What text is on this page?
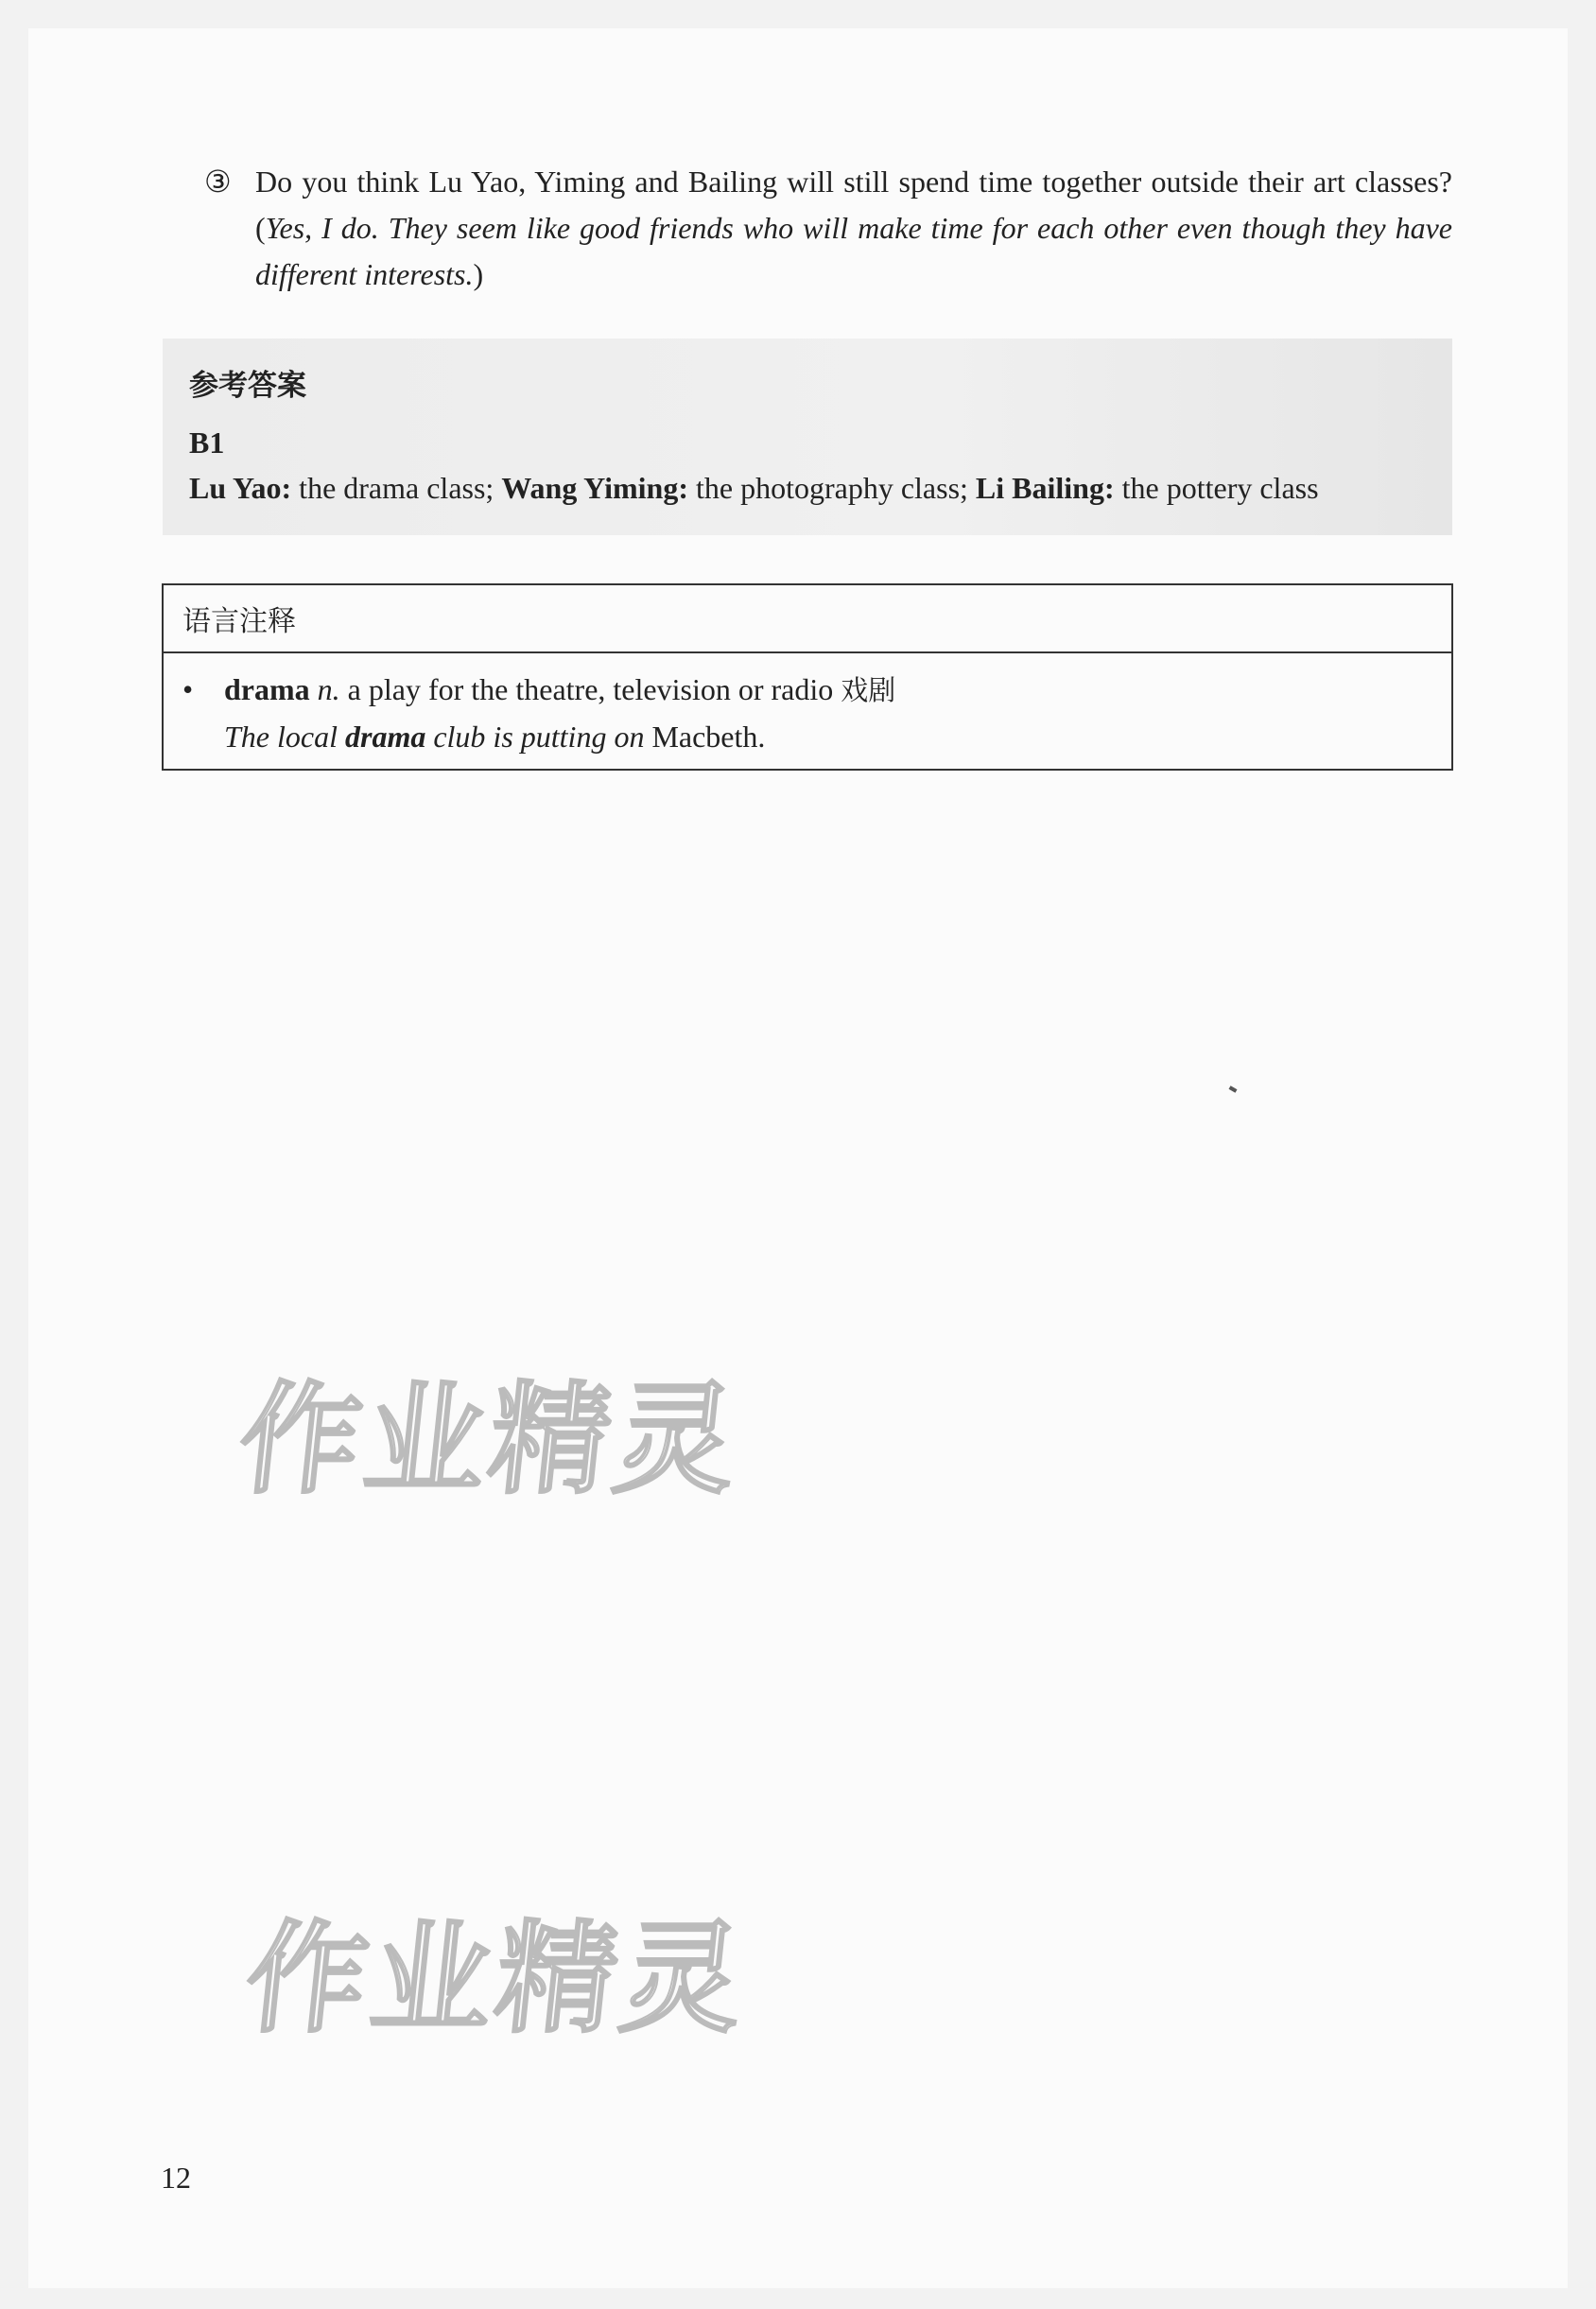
③ Do you think Lu Yao, Yiming and Bailing will still spend time together outside their art classes? (Yes, I do. They seem like good friends who will make time for each other even though they have different interests.)
参考答案
B1
Lu Yao: the drama class; Wang Yiming: the photography class; Li Bailing: the pottery class
语言注释
• drama n. a play for the theatre, television or radio 戏剧
The local drama club is putting on Macbeth.
作业精灵
作业精灵
12
